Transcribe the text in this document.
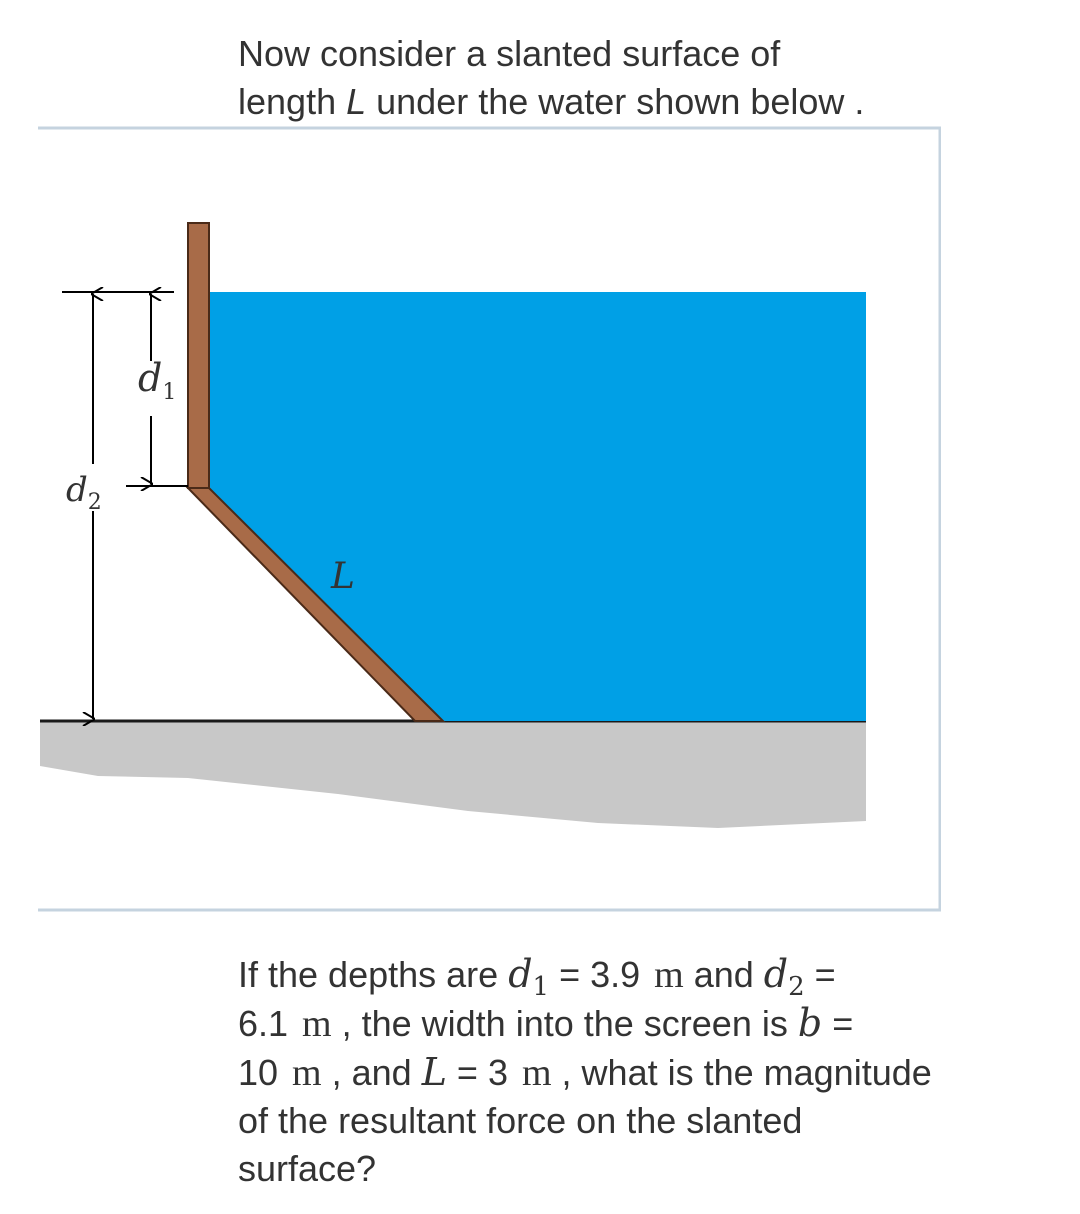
Now consider a slanted surface of
length L under the water shown below .

$d_1$
$d_2$
L

If the depths are $d_1 = 3.9$ m and $d_2 = 6.1$ m , the width into the screen is b = 10 m , and L = 3 m , what is the magnitude of the resultant force on the slanted surface?
